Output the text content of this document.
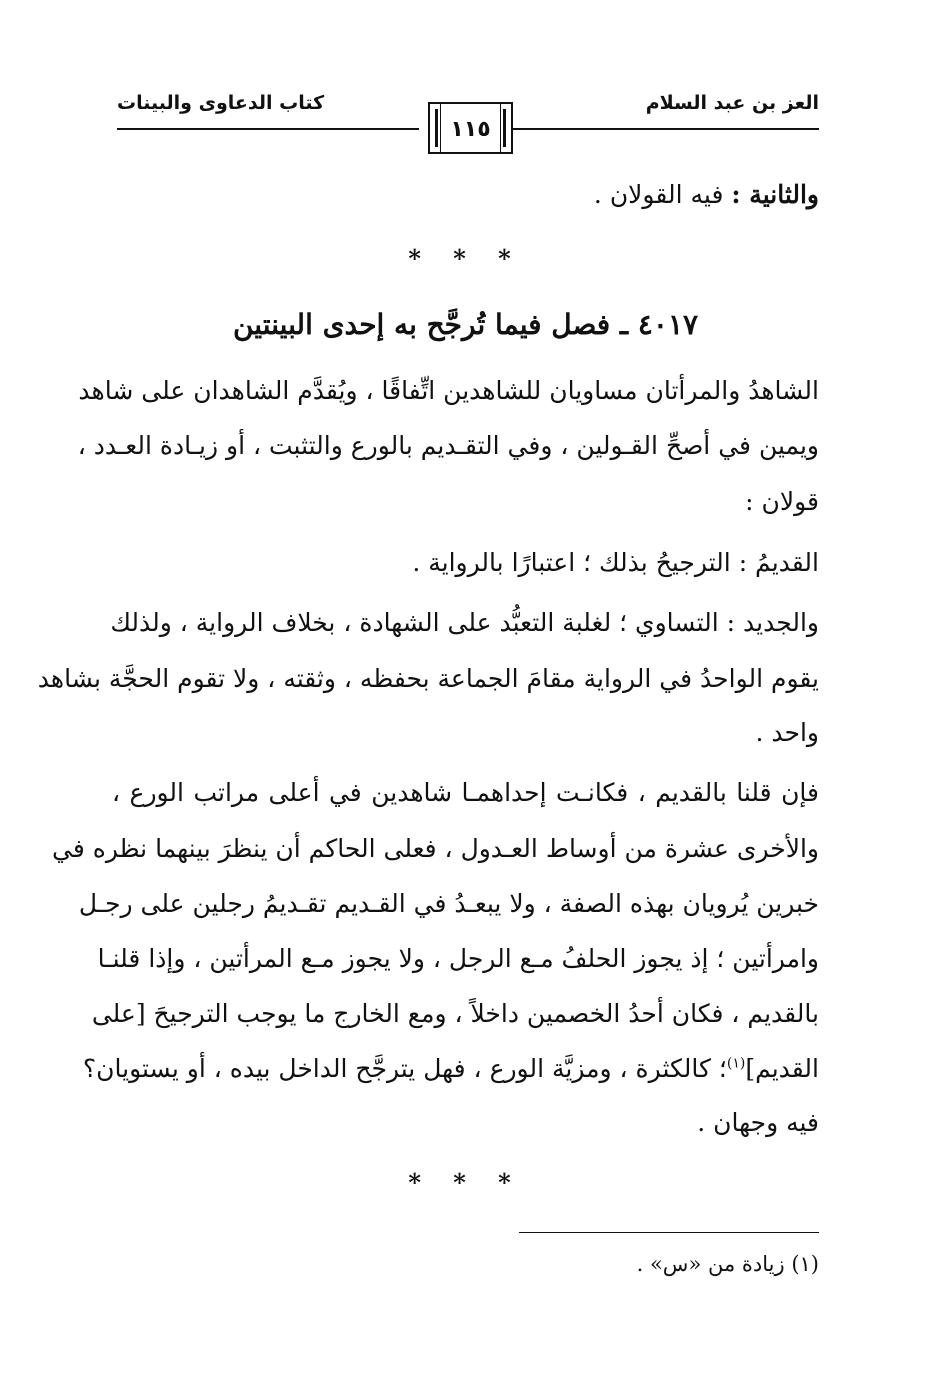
العز بن عبد السلام
كتاب الدعاوى والبينات
١١٥
والثانية : فيه القولان .
* * *
٤٠١٧ ـ فصل فيما تُرجَّح به إحدى البينتين
الشاهدُ والمرأتان مساويان للشاهدين اتِّفاقًا ، ويُقدَّم الشاهدان على شاهد
ويمين في أصحِّ القـولين ، وفي التقـديم بالورع والتثبت ، أو زيـادة العـدد ،
قولان :
القديمُ : الترجيحُ بذلك ؛ اعتبارًا بالرواية .
والجديد : التساوي ؛ لغلبة التعبُّد على الشهادة ، بخلاف الرواية ، ولذلك
يقوم الواحدُ في الرواية مقامَ الجماعة بحفظه ، وثقته ، ولا تقوم الحجَّة بشاهد
واحد .
فإن قلنا بالقديم ، فكانـت إحداهمـا شاهدين في أعلى مراتب الورع ،
والأخرى عشرة من أوساط العـدول ، فعلى الحاكم أن ينظرَ بينهما نظره في
خبرين يُرويان بهذه الصفة ، ولا يبعـدُ في القـديم تقـديمُ رجلين على رجـل
وامرأتين ؛ إذ يجوز الحلفُ مـع الرجل ، ولا يجوز مـع المرأتين ، وإذا قلنـا
بالقديم ، فكان أحدُ الخصمين داخلاً ، ومع الخارج ما يوجب الترجيحَ [على
القديم]$^{(١)}$؛ كالكثرة ، ومزيَّة الورع ، فهل يترجَّح الداخل بيده ، أو يستويان؟
فيه وجهان .
* * *
(١) زيادة من «س» .
